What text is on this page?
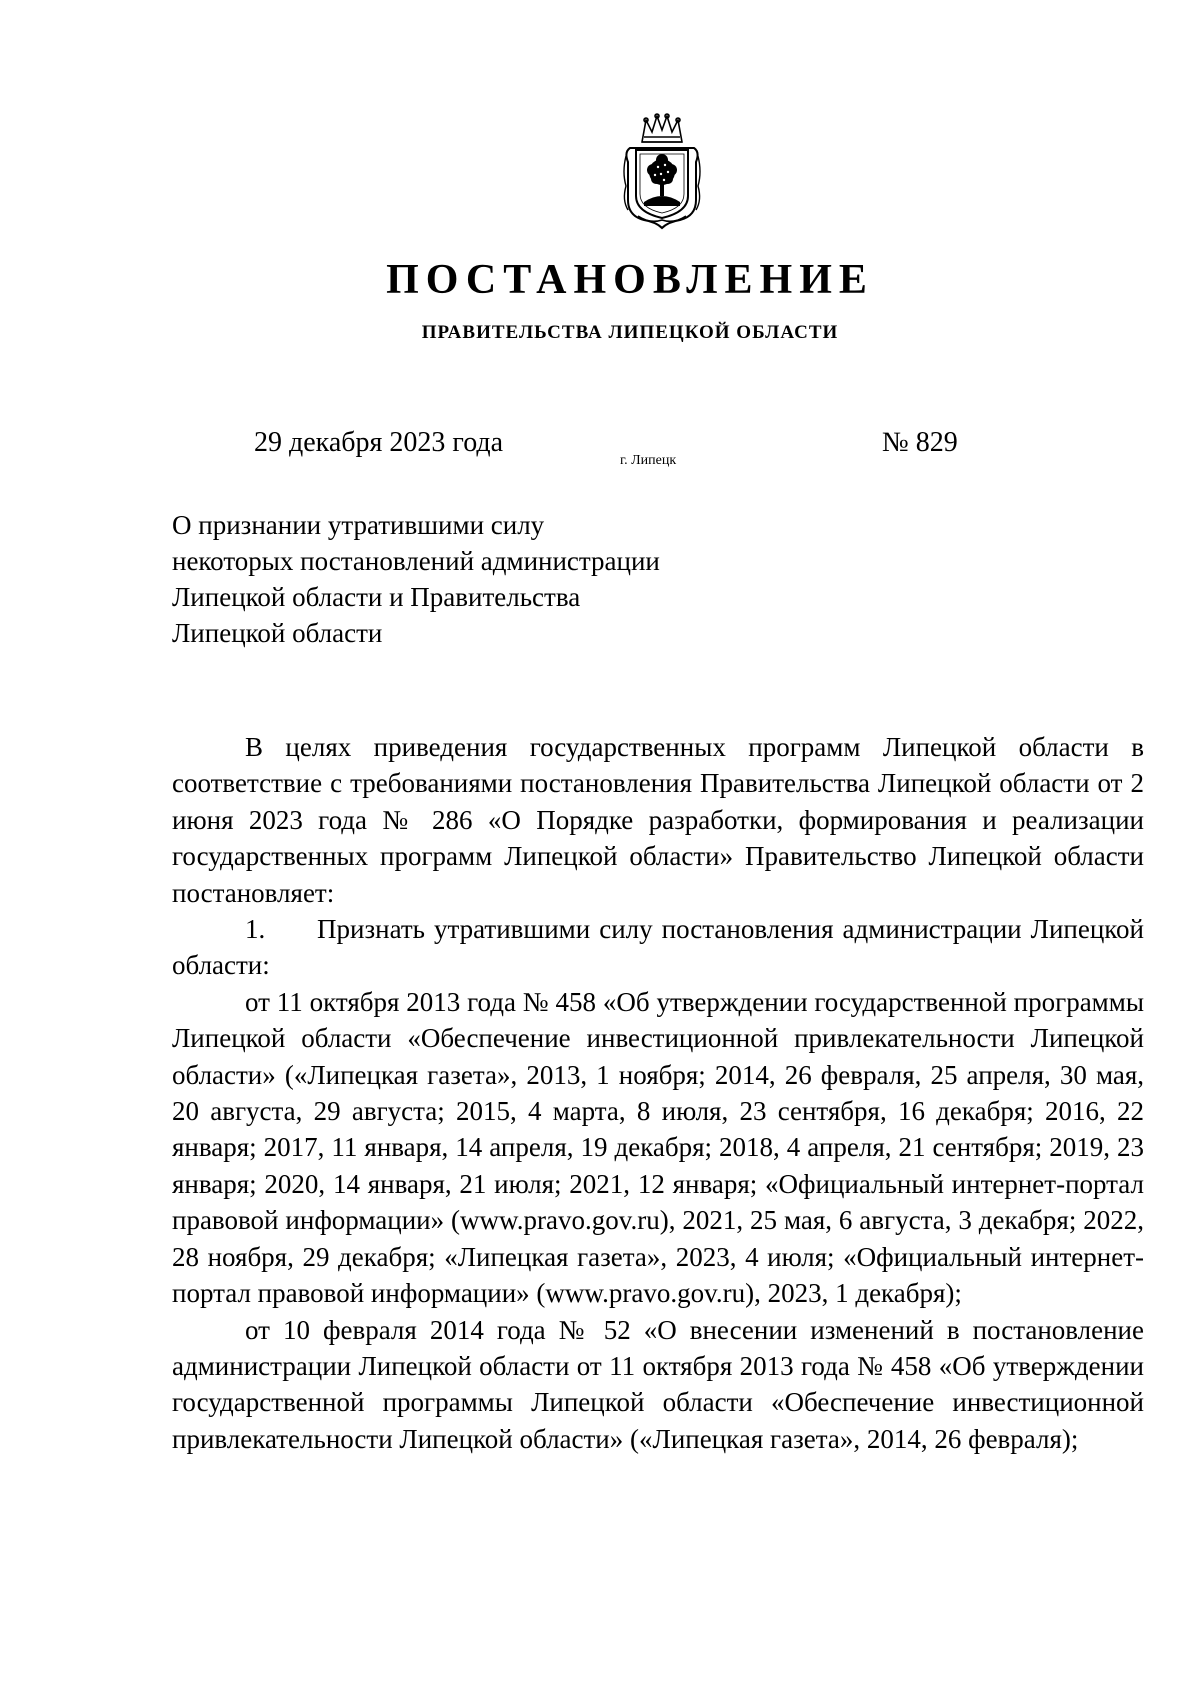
ПОСТАНОВЛЕНИЕ
ПРАВИТЕЛЬСТВА ЛИПЕЦКОЙ ОБЛАСТИ
29 декабря 2023 года
г. Липецк
№ 829
О признании утратившими силу
некоторых постановлений администрации
Липецкой области и Правительства
Липецкой области

В целях приведения государственных программ Липецкой области в соответствие с требованиями постановления Правительства Липецкой области от 2 июня 2023 года № 286 «О Порядке разработки, формирования и реализации государственных программ Липецкой области» Правительство Липецкой области постановляет:

1. Признать утратившими силу постановления администрации Липецкой области:

от 11 октября 2013 года № 458 «Об утверждении государственной программы Липецкой области «Обеспечение инвестиционной привлекательности Липецкой области» («Липецкая газета», 2013, 1 ноября; 2014, 26 февраля, 25 апреля, 30 мая, 20 августа, 29 августа; 2015, 4 марта, 8 июля, 23 сентября, 16 декабря; 2016, 22 января; 2017, 11 января, 14 апреля, 19 декабря; 2018, 4 апреля, 21 сентября; 2019, 23 января; 2020, 14 января, 21 июля; 2021, 12 января; «Официальный интернет-портал правовой информации» (www.pravo.gov.ru), 2021, 25 мая, 6 августа, 3 декабря; 2022, 28 ноября, 29 декабря; «Липецкая газета», 2023, 4 июля; «Официальный интернет-портал правовой информации» (www.pravo.gov.ru), 2023, 1 декабря);

от 10 февраля 2014 года № 52 «О внесении изменений в постановление администрации Липецкой области от 11 октября 2013 года № 458 «Об утверждении государственной программы Липецкой области «Обеспечение инвестиционной привлекательности Липецкой области» («Липецкая газета», 2014, 26 февраля);
